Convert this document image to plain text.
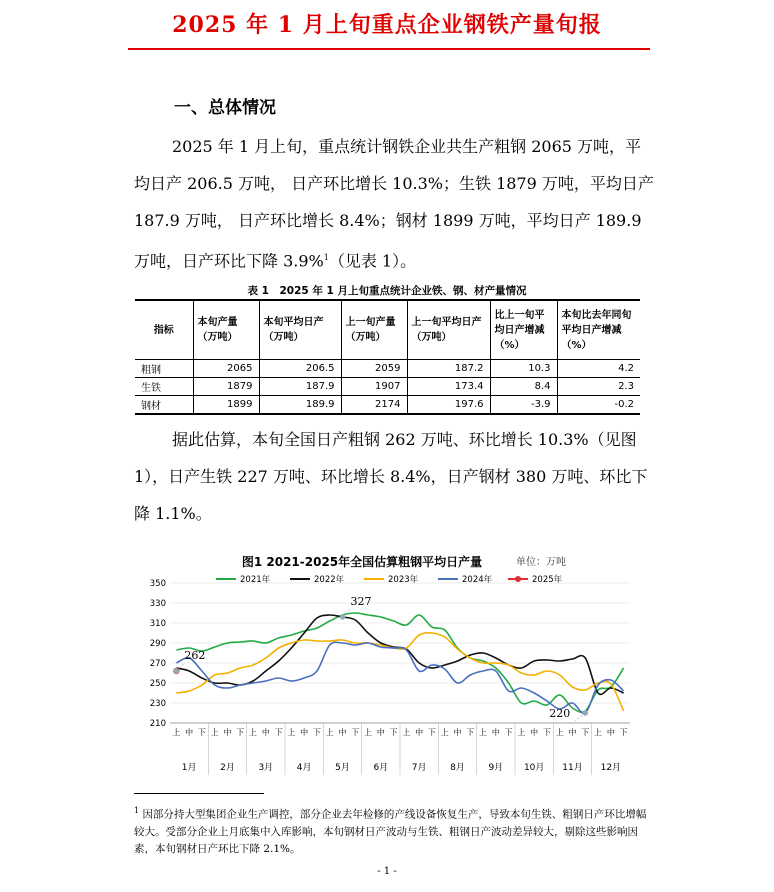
2025 年 1 月上旬重点企业钢铁产量旬报
一、总体情况

2025 年 1 月上旬，重点统计钢铁企业共生产粗钢 2065 万吨，平均日产 206.5 万吨， 日产环比增长 10.3%；生铁 1879 万吨，平均日产 187.9 万吨， 日产环比增长 8.4%；钢材 1899 万吨，平均日产 189.9 万吨，日产环比下降 3.9%$^1$（见表 1）。

表 1　2025 年 1 月上旬重点统计企业铁、钢、材产量情况
指标	本旬产量（万吨）	本旬平均日产（万吨）	上一旬产量（万吨）	上一旬平均日产（万吨）	比上一旬平均日产增减（%）	本旬比去年同旬平均日产增减（%）
粗钢	2065	206.5	2059	187.2	10.3	4.2
生铁	1879	187.9	1907	173.4	8.4	2.3
钢材	1899	189.9	2174	197.6	-3.9	-0.2

据此估算，本旬全国日产粗钢 262 万吨、环比增长 10.3%（见图 1），日产生铁 227 万吨、环比增长 8.4%，日产钢材 380 万吨、环比下降 1.1%。

图1 2021-2025年全国估算粗钢平均日产量	单位：万吨
2021年	2022年	2023年	2024年	2025年
210
230
250
270
290
310
330
350
上 中 下 上 中 下 上 中 下 上 中 下 上 中 下 上 中 下 上 中 下 上 中 下 上 中 下 上 中 下 上 中 下 上 中 下
1月	2月	3月	4月	5月	6月	7月	8月	9月 10月 11月 12月
262
327
220

$^1$ 因部分持大型集团企业生产调控，部分企业去年检修的产线设备恢复生产，导致本旬生铁、粗钢日产环比增幅较大。受部分企业上月底集中入库影响，本旬钢材日产波动与生铁、粗钢日产波动差异较大，剔除这些影响因素，本旬钢材日产环比下降 2.1%。

- 1 -
